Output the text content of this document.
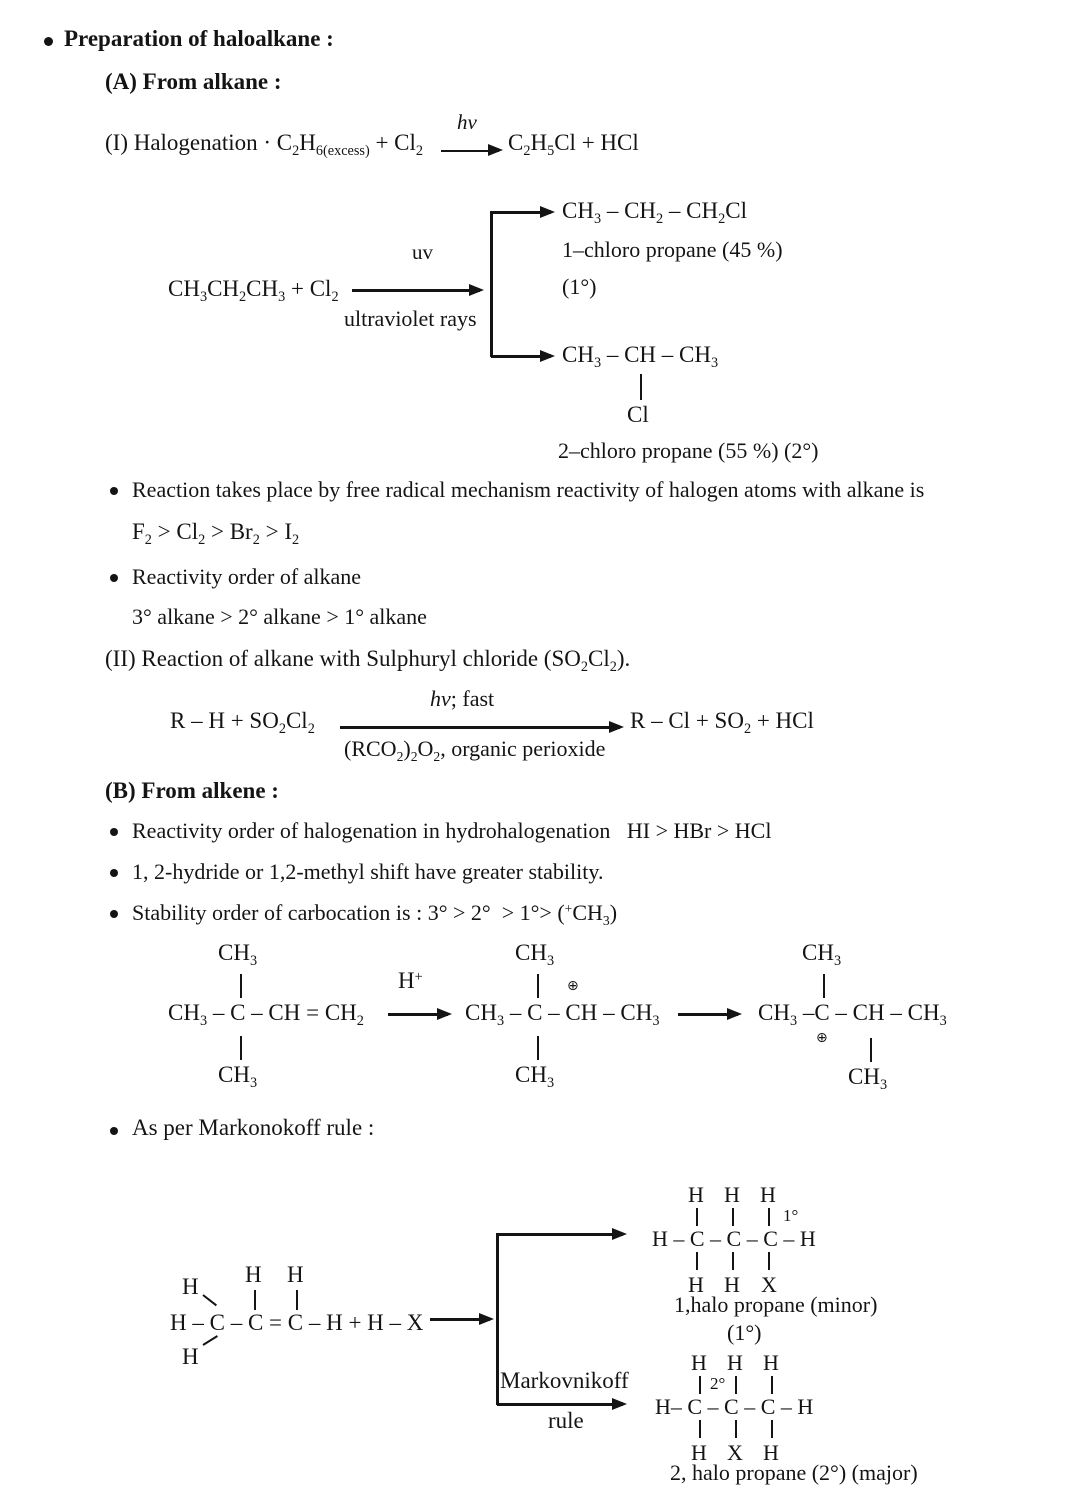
Preparation of haloalkane :
(A) From alkane :
(I) Halogenation · $C_2H_{6(excess)} + Cl_2$
hv
$C_2H_5Cl$ + HCl
$CH_3CH_2CH_3 + Cl_2$
uv
ultraviolet rays
$CH_3 - CH_2 - CH_2Cl$
1–chloro propane (45 %)
(1°)
$CH_3$ – CH – $CH_3$
Cl
2–chloro propane (55 %) (2°)
Reaction takes place by free radical mechanism reactivity of halogen atoms with alkane is
$F_2 > Cl_2 > Br_2 > I_2$
Reactivity order of alkane
3° alkane > 2° alkane > 1° alkane
(II) Reaction of alkane with Sulphuryl chloride $(SO_2Cl_2)$.
$R - H + SO_2Cl_2$
hv; fast
$(RCO_2)_2O_2$, organic perioxide
$R - Cl + SO_2$ + HCl
(B) From alkene :
Reactivity order of halogenation in hydrohalogenation   HI > HBr > HCl
1, 2-hydride or 1,2-methyl shift have greater stability.
Stability order of carbocation is : $3^\circ > 2^\circ > 1^\circ> (^+CH_3)$
$CH_3$
$CH_3$ – C – CH = $CH_2$
$CH_3$
H+
$CH_3$
⊕
$CH_3$ – C – CH – $CH_3$
$CH_3$
$CH_3$
$CH_3$ –C – CH – $CH_3$
⊕
$CH_3$
As per Markonokoff rule :
H H H
H – C – C = C – H + H – X
H
Markovnikoff
rule
H H H
1°
H – C – C – C – H
H H X
1,halo propane (minor)
(1°)
H H H
2°
H– C – C – C – H
H X H
2, halo propane (2°) (major)
